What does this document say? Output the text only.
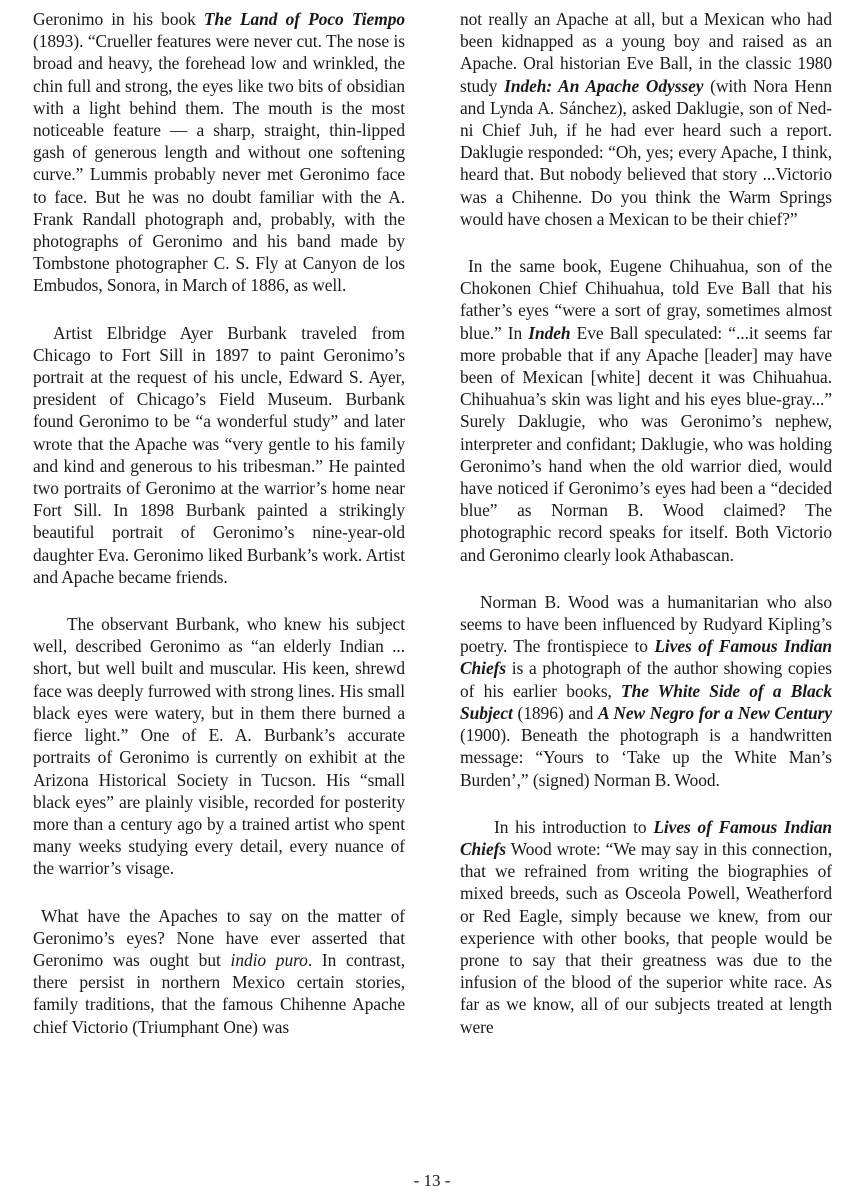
Geronimo in his book The Land of Poco Tiempo (1893). “Crueller features were never cut. The nose is broad and heavy, the forehead low and wrinkled, the chin full and strong, the eyes like two bits of obsidian with a light behind them. The mouth is the most noticeable feature — a sharp, straight, thin-lipped gash of generous length and without one softening curve.” Lummis probably never met Geronimo face to face. But he was no doubt familiar with the A. Frank Randall photograph and, probably, with the photographs of Geronimo and his band made by Tombstone photographer C. S. Fly at Canyon de los Embudos, Sonora, in March of 1886, as well.

Artist Elbridge Ayer Burbank traveled from Chicago to Fort Sill in 1897 to paint Geronimo’s portrait at the request of his uncle, Edward S. Ayer, president of Chicago’s Field Museum. Burbank found Geronimo to be “a wonderful study” and later wrote that the Apache was “very gentle to his family and kind and generous to his tribesman.” He painted two portraits of Geronimo at the warrior’s home near Fort Sill. In 1898 Burbank painted a strikingly beautiful portrait of Geronimo’s nine-year-old daughter Eva. Geronimo liked Burbank’s work. Artist and Apache became friends.

The observant Burbank, who knew his subject well, described Geronimo as “an elderly Indian ... short, but well built and muscular. His keen, shrewd face was deeply furrowed with strong lines. His small black eyes were watery, but in them there burned a fierce light.” One of E. A. Burbank’s accurate portraits of Geronimo is currently on exhibit at the Arizona Historical Society in Tucson. His “small black eyes” are plainly visible, recorded for posterity more than a century ago by a trained artist who spent many weeks studying every detail, every nuance of the warrior’s visage.

What have the Apaches to say on the matter of Geronimo’s eyes? None have ever asserted that Geronimo was ought but indio puro. In contrast, there persist in northern Mexico certain stories, family traditions, that the famous Chihenne Apache chief Victorio (Triumphant One) was

not really an Apache at all, but a Mexican who had been kidnapped as a young boy and raised as an Apache. Oral historian Eve Ball, in the classic 1980 study Indeh: An Apache Odyssey (with Nora Henn and Lynda A. Sánchez), asked Daklugie, son of Ned-ni Chief Juh, if he had ever heard such a report. Daklugie responded: “Oh, yes; every Apache, I think, heard that. But nobody believed that story ...Victorio was a Chihenne. Do you think the Warm Springs would have chosen a Mexican to be their chief?”

In the same book, Eugene Chihuahua, son of the Chokonen Chief Chihuahua, told Eve Ball that his father’s eyes “were a sort of gray, sometimes almost blue.” In Indeh Eve Ball speculated: “...it seems far more probable that if any Apache [leader] may have been of Mexican [white] decent it was Chihuahua. Chihuahua’s skin was light and his eyes blue-gray...” Surely Daklugie, who was Geronimo’s nephew, interpreter and confidant; Daklugie, who was holding Geronimo’s hand when the old warrior died, would have noticed if Geronimo’s eyes had been a “decided blue” as Norman B. Wood claimed? The photographic record speaks for itself. Both Victorio and Geronimo clearly look Athabascan.

Norman B. Wood was a humanitarian who also seems to have been influenced by Rudyard Kipling’s poetry. The frontispiece to Lives of Famous Indian Chiefs is a photograph of the author showing copies of his earlier books, The White Side of a Black Subject (1896) and A New Negro for a New Century (1900). Beneath the photograph is a handwritten message: “Yours to ‘Take up the White Man’s Burden’,” (signed) Norman B. Wood.

In his introduction to Lives of Famous Indian Chiefs Wood wrote: “We may say in this connection, that we refrained from writing the biographies of mixed breeds, such as Osceola Powell, Weatherford or Red Eagle, simply because we knew, from our experience with other books, that people would be prone to say that their greatness was due to the infusion of the blood of the superior white race. As far as we know, all of our subjects treated at length were

- 13 -
